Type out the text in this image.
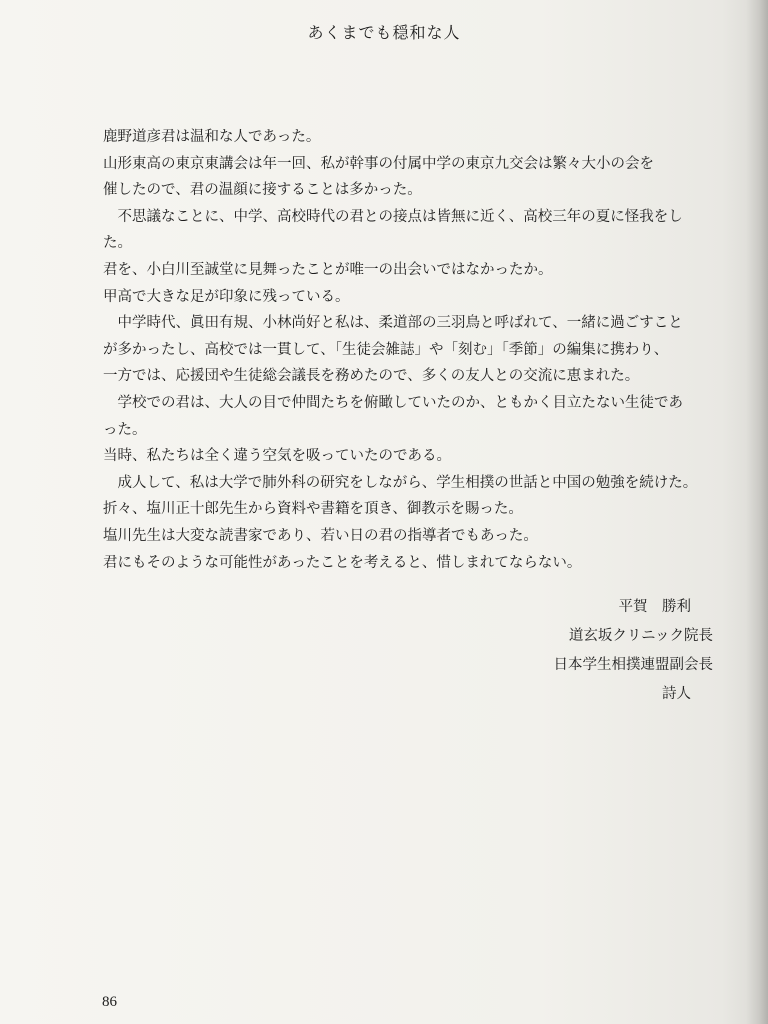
あくまでも穏和な人
鹿野道彦君は温和な人であった。
山形東高の東京東講会は年一回、私が幹事の付属中学の東京九交会は繁々大小の会を
催したので、君の温顔に接することは多かった。
　不思議なことに、中学、高校時代の君との接点は皆無に近く、高校三年の夏に怪我をし
た。
君を、小白川至誠堂に見舞ったことが唯一の出会いではなかったか。
甲高で大きな足が印象に残っている。
　中学時代、眞田有規、小林尚好と私は、柔道部の三羽鳥と呼ばれて、一緒に過ごすこと
が多かったし、高校では一貫して、「生徒会雑誌」や「刻む」「季節」の編集に携わり、
一方では、応援団や生徒総会議長を務めたので、多くの友人との交流に恵まれた。
　学校での君は、大人の目で仲間たちを俯瞰していたのか、ともかく目立たない生徒であ
った。
当時、私たちは全く違う空気を吸っていたのである。
　成人して、私は大学で肺外科の研究をしながら、学生相撲の世話と中国の勉強を続けた。
折々、塩川正十郎先生から資料や書籍を頂き、御教示を賜った。
塩川先生は大変な読書家であり、若い日の君の指導者でもあった。
君にもそのような可能性があったことを考えると、惜しまれてならない。
平賀　勝利
道玄坂クリニック院長
日本学生相撲連盟副会長
詩人
86
